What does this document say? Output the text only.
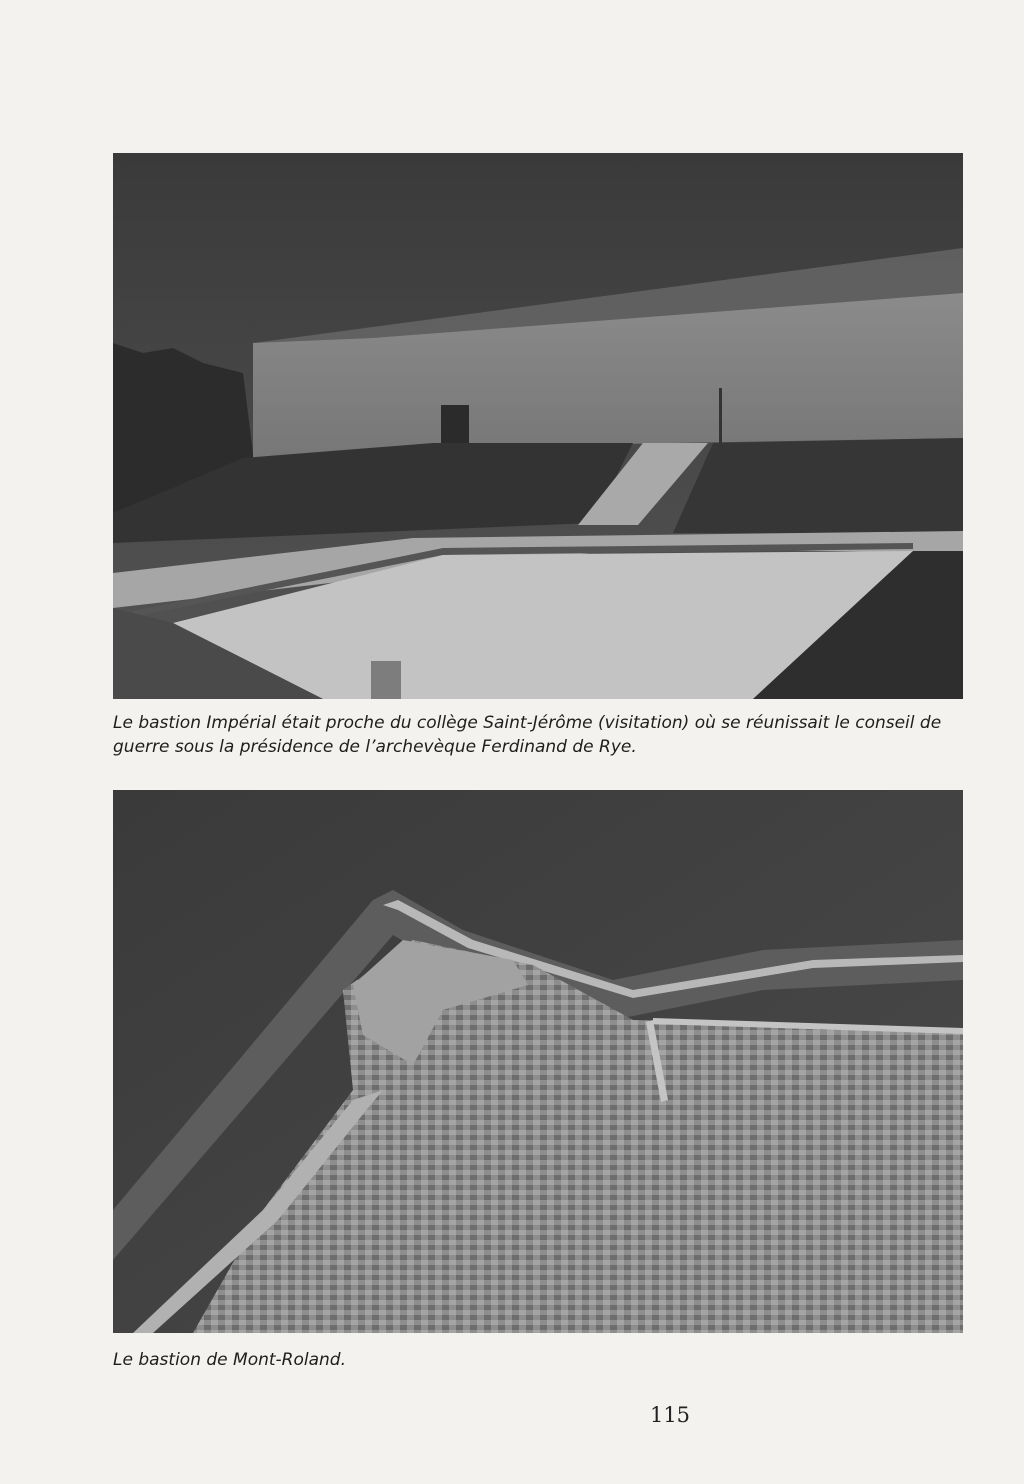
Le bastion Impérial était proche du collège Saint-Jérôme (visitation) où se réunissait le conseil de guerre sous la présidence de l’archevèque Ferdinand de Rye.

Le bastion de Mont-Roland.

115
